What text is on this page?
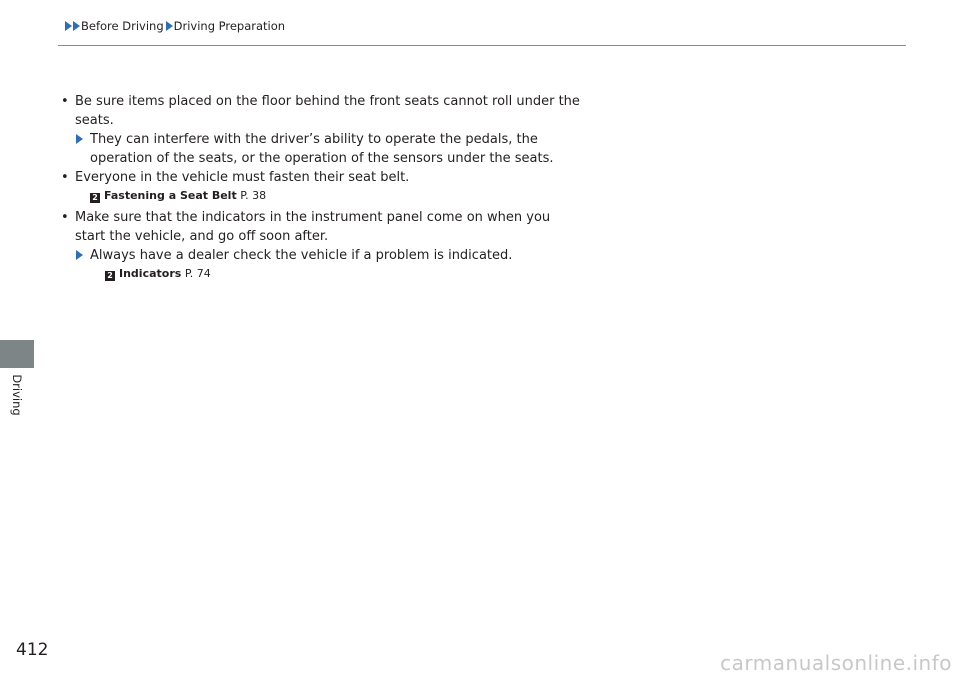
Before Driving Driving Preparation
Driving
• Be sure items placed on the floor behind the front seats cannot roll under the seats.
They can interfere with the driver’s ability to operate the pedals, the operation of the seats, or the operation of the sensors under the seats.
• Everyone in the vehicle must fasten their seat belt.
2 Fastening a Seat Belt P. 38
• Make sure that the indicators in the instrument panel come on when you start the vehicle, and go off soon after.
Always have a dealer check the vehicle if a problem is indicated.
2 Indicators P. 74
412
carmanualsonline.info
